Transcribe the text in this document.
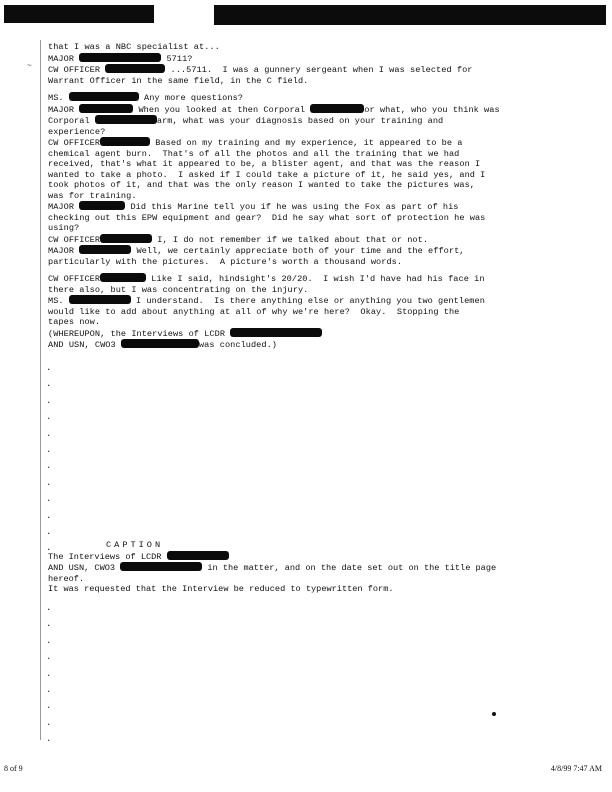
~
that I was a NBC specialist at...
MAJOR	5711?
CW OFFICER	...5711.  I was a gunnery sergeant when I was selected for
Warrant Officer in the same field, in the C field.

MS.	Any more questions?
MAJOR	When you looked at then Corporal	or what, who you think was
Corporal	arm, what was your diagnosis based on your training and
experience?
CW OFFICER	Based on my training and my experience, it appeared to be a
chemical agent burn.  That's of all the photos and all the training that we had
received, that's what it appeared to be, a blister agent, and that was the reason I
wanted to take a photo.  I asked if I could take a picture of it, he said yes, and I
took photos of it, and that was the only reason I wanted to take the pictures was,
was for training.
MAJOR	Did this Marine tell you if he was using the Fox as part of his
checking out this EPW equipment and gear?  Did he say what sort of protection he was
using?
CW OFFICER	I, I do not remember if we talked about that or not.
MAJOR	Well, we certainly appreciate both of your time and the effort,
particularly with the pictures.  A picture's worth a thousand words.

CW OFFICER	Like I said, hindsight's 20/20.  I wish I'd have had his face in
there also, but I was concentrating on the injury.
MS.	I understand.  Is there anything else or anything you two gentlemen
would like to add about anything at all of why we're here?  Okay.  Stopping the
tapes now.
(WHEREUPON, the Interviews of LCDR
AND USN, CWO3	was concluded.)
.
.
.
.
.
.
.
.
.
.
.
.	CAPTION
The Interviews of LCDR
AND USN, CWO3	in the matter, and on the date set out on the title page
hereof.
It was requested that the Interview be reduced to typewritten form.
.
.
.
.
.
.
.
.
.
8 of 9	4/8/99 7:47 AM
